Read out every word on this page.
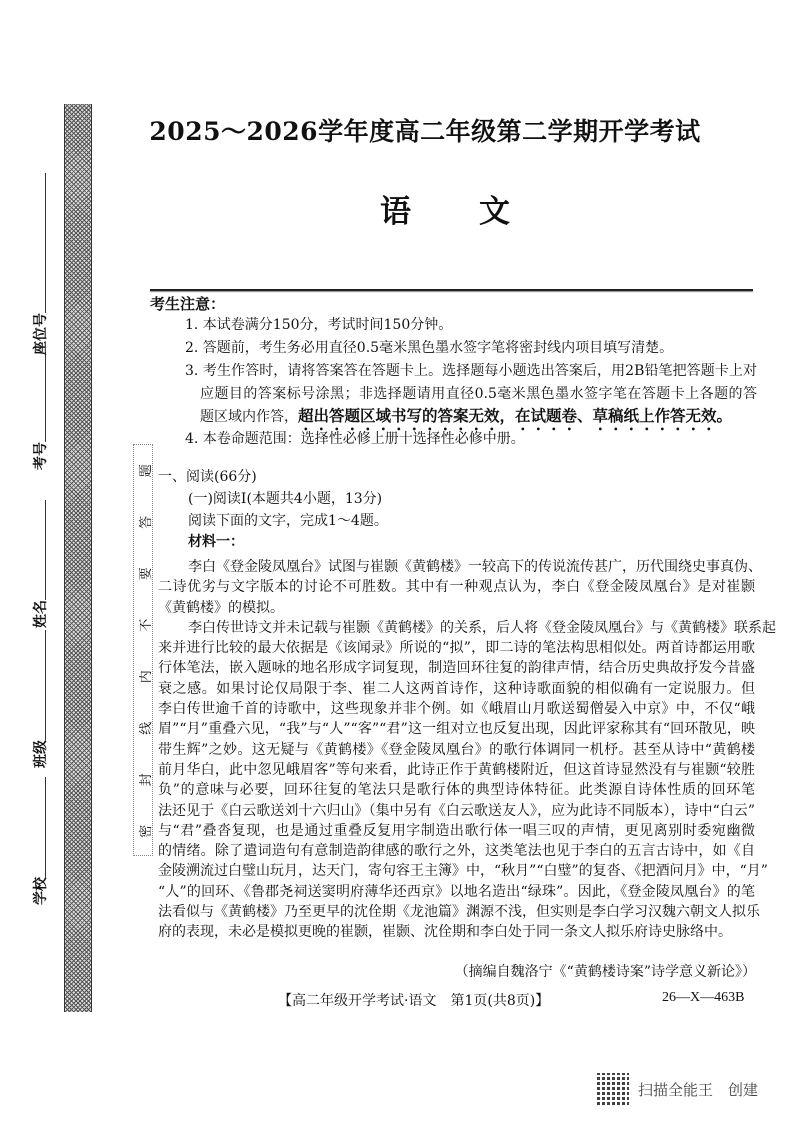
密
封
线
内
不
要
答
题
学校
班级
姓名
考号
座位号
2025～2026学年度高二年级第二学期开学考试
语 文
考生注意：
1. 本试卷满分150分，考试时间150分钟。
2. 答题前，考生务必用直径0.5毫米黑色墨水签字笔将密封线内项目填写清楚。
3. 考生作答时，请将答案答在答题卡上。选择题每小题选出答案后，用2B铅笔把答题卡上对
应题目的答案标号涂黑；非选择题请用直径0.5毫米黑色墨水签字笔在答题卡上各题的答
题区域内作答，超出答题区域书写的答案无效，在试题卷、草稿纸上作答无效。
4. 本卷命题范围：选择性必修上册十选择性必修中册。
一、阅读(66分)
(一)阅读Ⅰ(本题共4小题，13分)
阅读下面的文字，完成1～4题。
材料一：
李白《登金陵凤凰台》试图与崔颢《黄鹤楼》一较高下的传说流传甚广，历代围绕史事真伪、
二诗优劣与文字版本的讨论不可胜数。其中有一种观点认为，李白《登金陵凤凰台》是对崔颢
《黄鹤楼》的模拟。
李白传世诗文并未记载与崔颢《黄鹤楼》的关系，后人将《登金陵凤凰台》与《黄鹤楼》联系起
来并进行比较的最大依据是《该闻录》所说的“拟”，即二诗的笔法构思相似处。两首诗都运用歌
行体笔法，嵌入题咏的地名形成字词复现，制造回环往复的韵律声情，结合历史典故抒发今昔盛
衰之感。如果讨论仅局限于李、崔二人这两首诗作，这种诗歌面貌的相似确有一定说服力。但
李白传世逾千首的诗歌中，这些现象并非个例。如《峨眉山月歌送蜀僧晏入中京》中，不仅“峨
眉”“月”重叠六见，“我”与“人”“客”“君”这一组对立也反复出现，因此评家称其有“回环散见，映
带生辉”之妙。这无疑与《黄鹤楼》《登金陵凤凰台》的歌行体调同一机杼。甚至从诗中“黄鹤楼
前月华白，此中忽见峨眉客”等句来看，此诗正作于黄鹤楼附近，但这首诗显然没有与崔颢“较胜
负”的意味与必要，回环往复的笔法只是歌行体的典型诗体特征。此类源自诗体性质的回环笔
法还见于《白云歌送刘十六归山》（集中另有《白云歌送友人》，应为此诗不同版本），诗中“白云”
与“君”叠沓复现，也是通过重叠反复用字制造出歌行体一唱三叹的声情，更见离别时委宛幽微
的情绪。除了遣词造句有意制造韵律感的歌行之外，这类笔法也见于李白的五言古诗中，如《自
金陵溯流过白璧山玩月，达天门，寄句容王主簿》中，“秋月”“白璧”的复沓、《把酒问月》中，“月”
“人”的回环、《鲁郡尧祠送窦明府薄华还西京》以地名造出“绿珠”。因此，《登金陵凤凰台》的笔
法看似与《黄鹤楼》乃至更早的沈佺期《龙池篇》渊源不浅，但实则是李白学习汉魏六朝文人拟乐
府的表现，未必是模拟更晚的崔颢，崔颢、沈佺期和李白处于同一条文人拟乐府诗史脉络中。
（摘编自魏洛宁《“黄鹤楼诗案”诗学意义新论》）
【高二年级开学考试·语文　第1页(共8页)】	26—X—463B
扫描全能王　创建
